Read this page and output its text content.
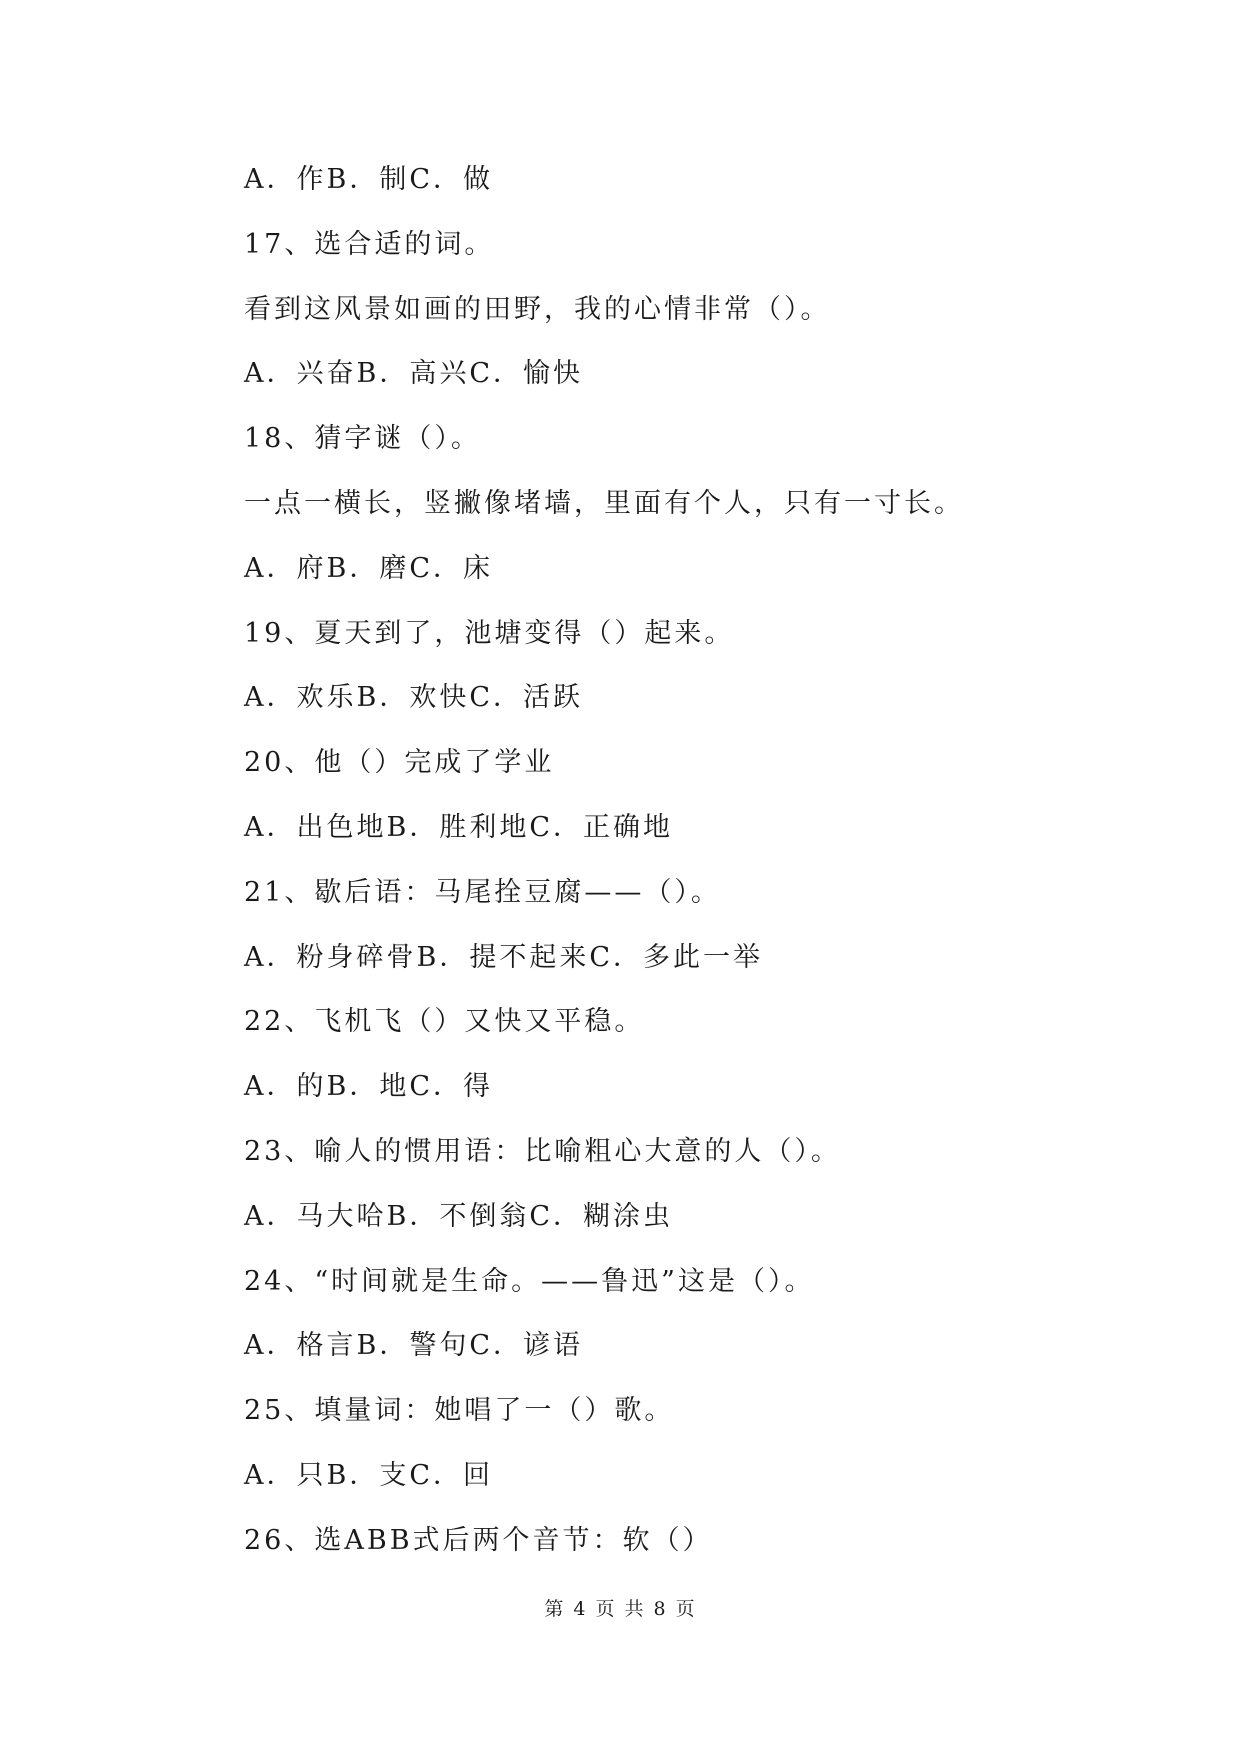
A．作B．制C．做
17、选合适的词。
看到这风景如画的田野，我的心情非常（）。
A．兴奋B．高兴C．愉快
18、猜字谜（）。
一点一横长，竖撇像堵墙，里面有个人，只有一寸长。
A．府B．磨C．床
19、夏天到了，池塘变得（）起来。
A．欢乐B．欢快C．活跃
20、他（）完成了学业
A．出色地B．胜利地C．正确地
21、歇后语：马尾拴豆腐——（）。
A．粉身碎骨B．提不起来C．多此一举
22、飞机飞（）又快又平稳。
A．的B．地C．得
23、喻人的惯用语：比喻粗心大意的人（）。
A．马大哈B．不倒翁C．糊涂虫
24、“时间就是生命。——鲁迅”这是（）。
A．格言B．警句C．谚语
25、填量词：她唱了一（）歌。
A．只B．支C．回
26、选ABB式后两个音节：软（）
第 4 页 共 8 页
